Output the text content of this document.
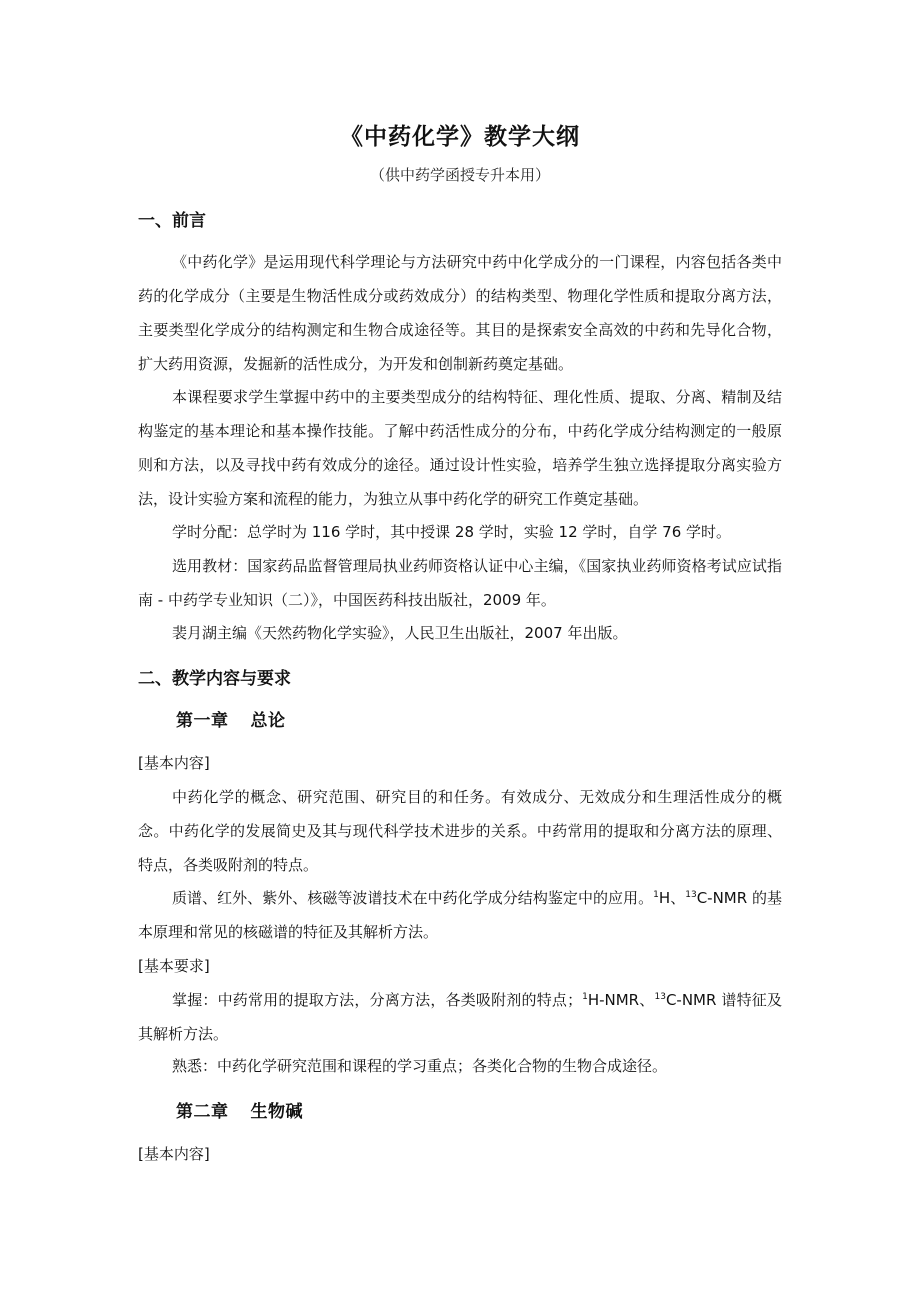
《中药化学》教学大纲
（供中药学函授专升本用）
一、前言

《中药化学》是运用现代科学理论与方法研究中药中化学成分的一门课程，内容包括各类中药的化学成分（主要是生物活性成分或药效成分）的结构类型、物理化学性质和提取分离方法，主要类型化学成分的结构测定和生物合成途径等。其目的是探索安全高效的中药和先导化合物，扩大药用资源，发掘新的活性成分，为开发和创制新药奠定基础。

本课程要求学生掌握中药中的主要类型成分的结构特征、理化性质、提取、分离、精制及结构鉴定的基本理论和基本操作技能。了解中药活性成分的分布，中药化学成分结构测定的一般原则和方法，以及寻找中药有效成分的途径。通过设计性实验，培养学生独立选择提取分离实验方法，设计实验方案和流程的能力，为独立从事中药化学的研究工作奠定基础。

学时分配：总学时为 116 学时，其中授课 28 学时，实验 12 学时，自学 76 学时。

选用教材：国家药品监督管理局执业药师资格认证中心主编，《国家执业药师资格考试应试指南 - 中药学专业知识（二）》，中国医药科技出版社，2009 年。

裴月湖主编《天然药物化学实验》，人民卫生出版社，2007 年出版。

二、教学内容与要求
第一章 总论
[基本内容]

中药化学的概念、研究范围、研究目的和任务。有效成分、无效成分和生理活性成分的概念。中药化学的发展简史及其与现代科学技术进步的关系。中药常用的提取和分离方法的原理、特点，各类吸附剂的特点。

质谱、红外、紫外、核磁等波谱技术在中药化学成分结构鉴定中的应用。$^1$H、$^{13}$C-NMR 的基本原理和常见的核磁谱的特征及其解析方法。

[基本要求]

掌握：中药常用的提取方法，分离方法，各类吸附剂的特点；$^1$H-NMR、$^{13}$C-NMR 谱特征及其解析方法。

熟悉：中药化学研究范围和课程的学习重点；各类化合物的生物合成途径。

第二章 生物碱
[基本内容]
